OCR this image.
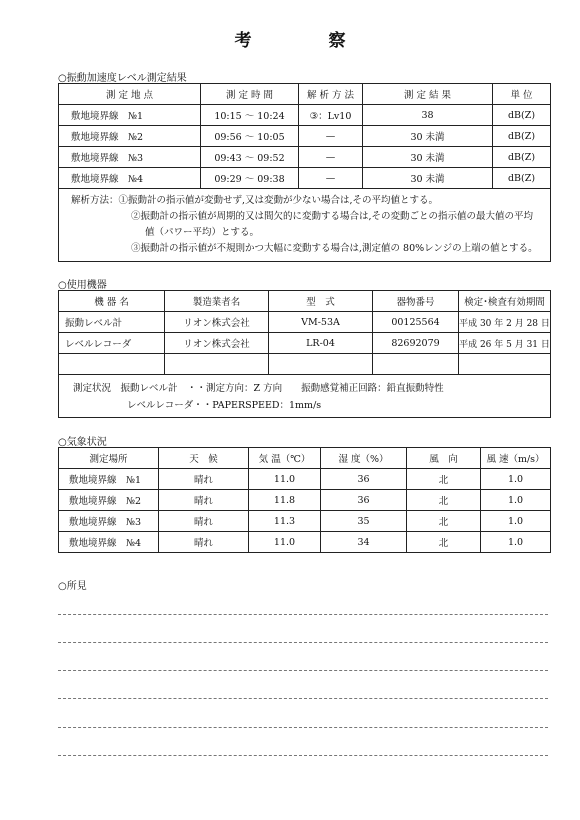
考　察
○振動加速度レベル測定結果
測 定 地 点	測 定 時 間	解 析 方 法	測 定 結 果	単 位
敷地境界線　№1	10:15 ～ 10:24	③：Lv10	38	dB(Z)
敷地境界線　№2	09:56 ～ 10:05	—	30 未満	dB(Z)
敷地境界線　№3	09:43 ～ 09:52	—	30 未満	dB(Z)
敷地境界線　№4	09:29 ～ 09:38	—	30 未満	dB(Z)

解析方法：①振動計の指示値が変動せず,又は変動が少ない場合は,その平均値とする。
②振動計の指示値が周期的又は間欠的に変動する場合は,その変動ごとの指示値の最大値の平均
値（パワー平均）とする。
③振動計の指示値が不規則かつ大幅に変動する場合は,測定値の 80%レンジの上端の値とする。				
○使用機器
機 器 名	製造業者名	型　式	器物番号	検定･検査有効期間
振動レベル計	リオン株式会社	VM-53A	00125564	平成 30 年 2 月 28 日
レベルレコーダ	リオン株式会社	LR-04	82692079	平成 26 年 5 月 31 日

測定状況　振動レベル計　・・測定方向：Z 方向　　振動感覚補正回路：鉛直振動特性
レベルレコーダ・・PAPERSPEED：1mm/s				
○気象状況
測定場所	天　候	気 温（℃）	湿 度（%）	風　向	風 速（m/s）
敷地境界線　№1	晴れ	11.0	36	北	1.0
敷地境界線　№2	晴れ	11.8	36	北	1.0
敷地境界線　№3	晴れ	11.3	35	北	1.0
敷地境界線　№4	晴れ	11.0	34	北	1.0
○所見
